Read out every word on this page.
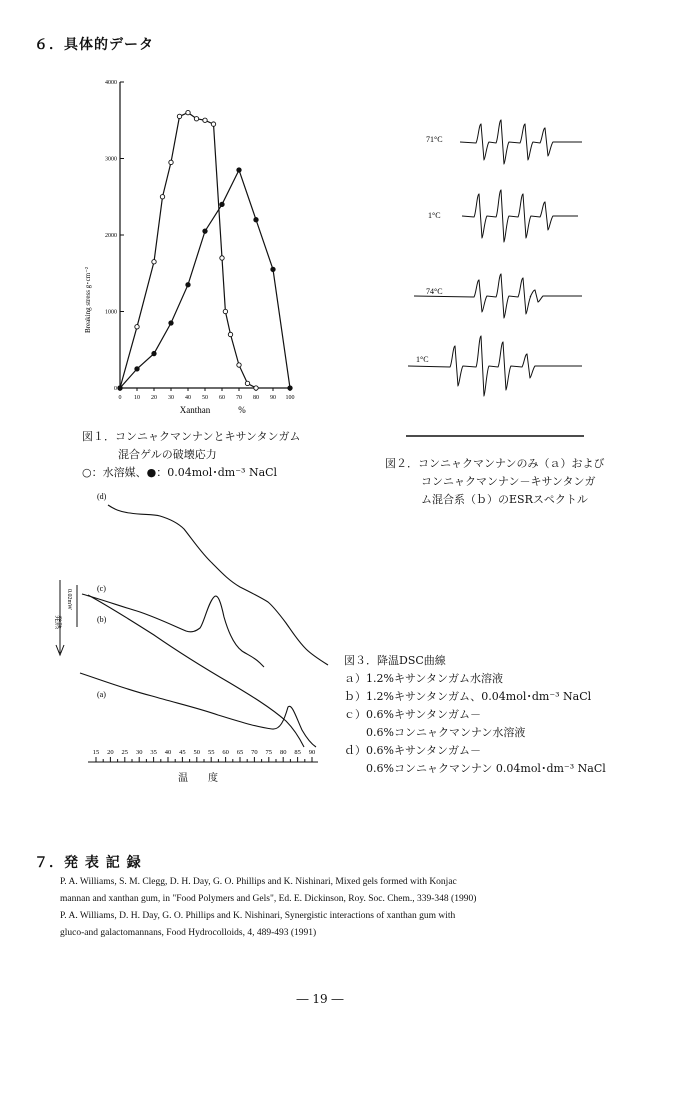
６．具体的データ
0
1000
2000
3000
4000
0 10 20 30 40 50 60 70 80 90 100
Breaking stress g･cm⁻²
Xanthan	%
図１．コンニャクマンナンとキサンタンガム
混合ゲルの破壊応力
○：水溶媒、●：0.04mol･dm⁻³ NaCl
71°C
1°C
74°C
1°C
図２．コンニャクマンナンのみ（ａ）および
コンニャクマンナン－キサンタンガ
ム混合系（ｂ）のESRスペクトル
発熱
0.02mW
(d)
(c)
(b)
(a)
15 20 25 30 35 40 45 50 55 60 65 70 75 80 85 90
温　　度
図３．降温DSC曲線
ａ）1.2%キサンタンガム水溶液
ｂ）1.2%キサンタンガム、0.04mol･dm⁻³ NaCl
ｃ）0.6%キサンタンガム－
0.6%コンニャクマンナン水溶液
ｄ）0.6%キサンタンガム－
0.6%コンニャクマンナン 0.04mol･dm⁻³ NaCl
７．発 表 記 録
P. A. Williams, S. M. Clegg, D. H. Day, G. O. Phillips and K. Nishinari, Mixed gels formed with Konjac
mannan and xanthan gum, in "Food Polymers and Gels", Ed. E. Dickinson, Roy. Soc. Chem., 339-348 (1990)
P. A. Williams, D. H. Day, G. O. Phillips and K. Nishinari, Synergistic interactions of xanthan gum with
gluco-and galactomannans, Food Hydrocolloids, 4, 489-493 (1991)
― 19 ―
